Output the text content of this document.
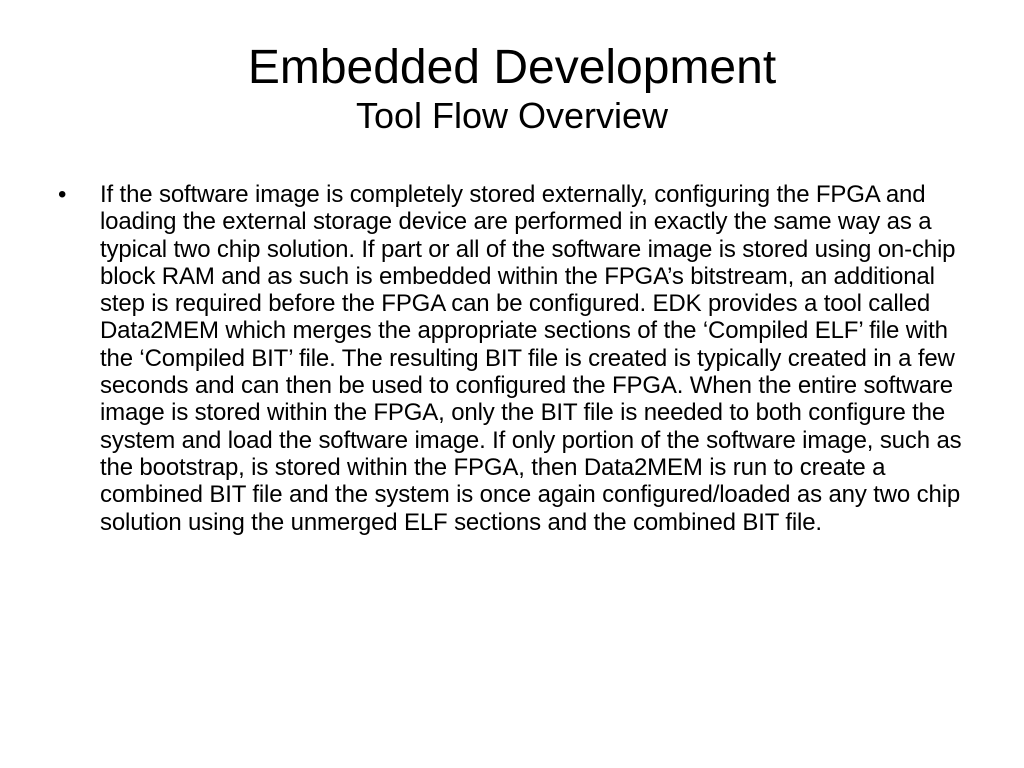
Embedded Development
Tool Flow Overview
• If the software image is completely stored externally, configuring the FPGA and loading the external storage device are performed in exactly the same way as a typical two chip solution. If part or all of the software image is stored using on-chip block RAM and as such is embedded within the FPGA’s bitstream, an additional step is required before the FPGA can be configured. EDK provides a tool called Data2MEM which merges the appropriate sections of the ‘Compiled ELF’ file with the ‘Compiled BIT’ file. The resulting BIT file is created is typically created in a few seconds and can then be used to configured the FPGA. When the entire software image is stored within the FPGA, only the BIT file is needed to both configure the system and load the software image. If only portion of the software image, such as the bootstrap, is stored within the FPGA, then Data2MEM is run to create a combined BIT file and the system is once again configured/loaded as any two chip solution using the unmerged ELF sections and the combined BIT file.
